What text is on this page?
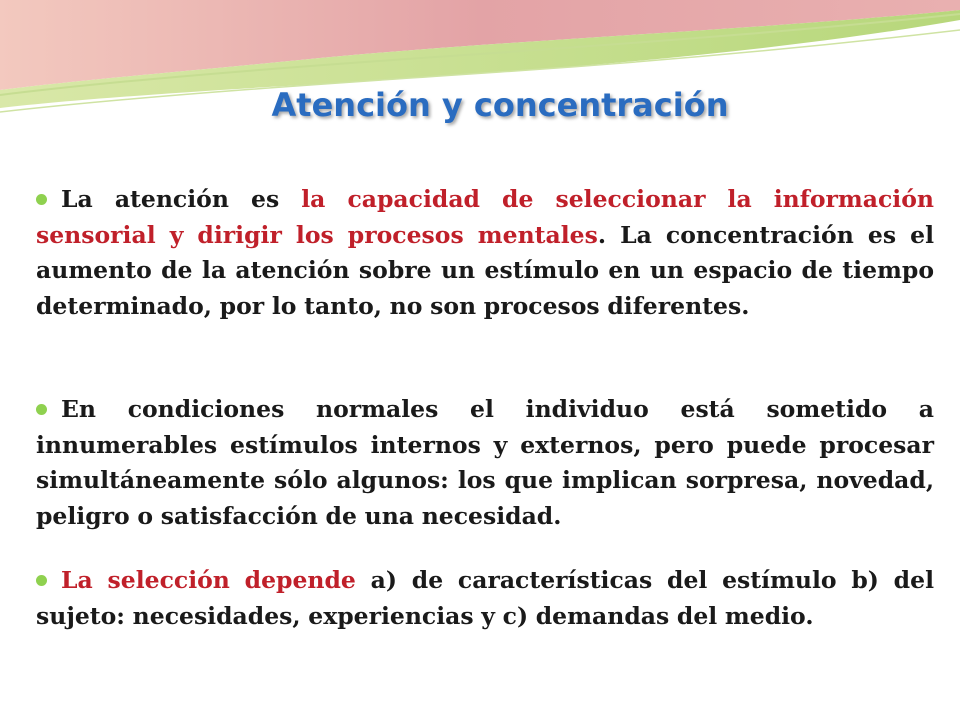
Atención y concentración
La atención es la capacidad de seleccionar la información sensorial y dirigir los procesos mentales. La concentración es el aumento de la atención sobre un estímulo en un espacio de tiempo determinado, por lo tanto, no son procesos diferentes.
En condiciones normales el individuo está sometido a innumerables estímulos internos y externos, pero puede procesar simultáneamente sólo algunos: los que implican sorpresa, novedad, peligro o satisfacción de una necesidad.
La selección depende a) de características del estímulo b) del sujeto: necesidades, experiencias y c) demandas del medio.
